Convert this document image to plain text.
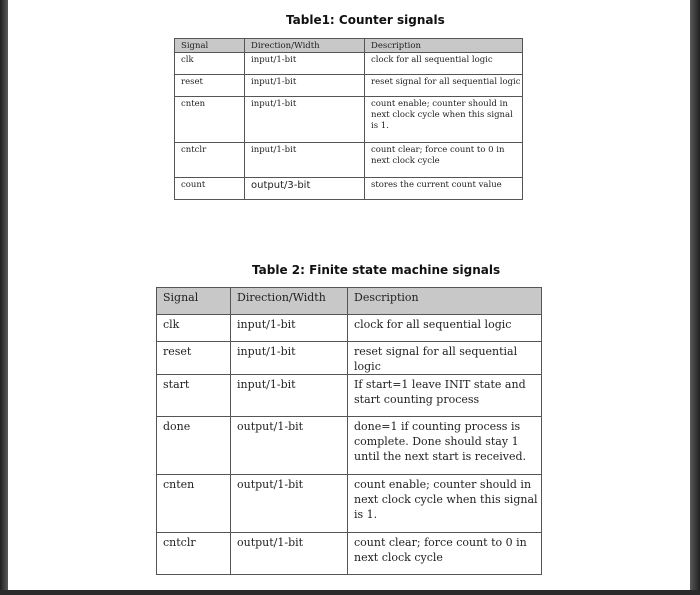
Table1: Counter signals
Signal	Direction/Width	Description
clk	input/1-bit	clock for all sequential logic
reset	input/1-bit	reset signal for all sequential logic
cnten	input/1-bit	count enable; counter should in next clock cycle when this signal is 1.
cntclr	input/1-bit	count clear; force count to 0 in next clock cycle
count	output/3-bit	stores the current count value
Table 2: Finite state machine signals
Signal	Direction/Width	Description
clk	input/1-bit	clock for all sequential logic
reset	input/1-bit	reset signal for all sequential logic
start	input/1-bit	If start=1 leave INIT state and start counting process
done	output/1-bit	done=1 if counting process is complete. Done should stay 1 until the next start is received.
cnten	output/1-bit	count enable; counter should in next clock cycle when this signal is 1.
cntclr	output/1-bit	count clear; force count to 0 in next clock cycle
